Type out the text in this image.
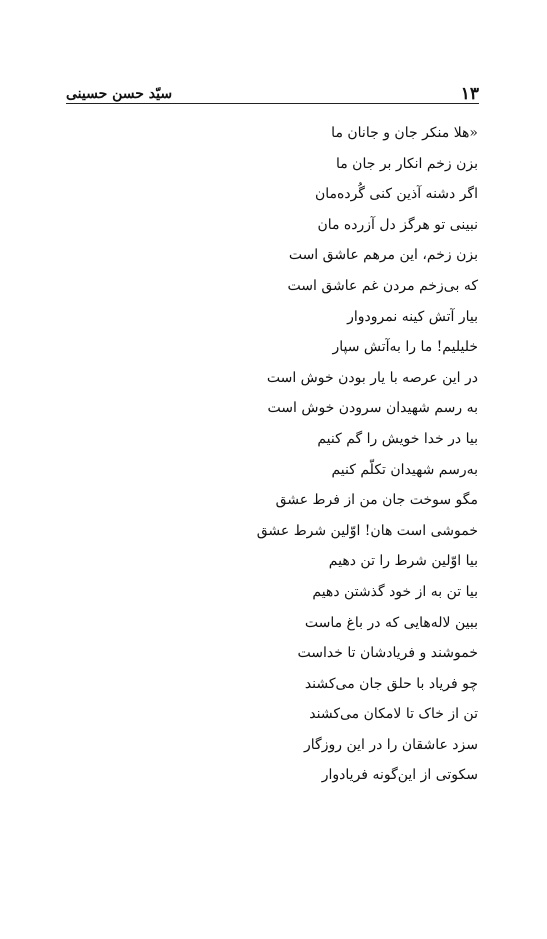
سیّد حسن حسینی	۱۳
«هلا منکر جان و جانان ما
بزن زخم انکار بر جان ما
اگر دشنه آذین کنی گُردەمان
نبینی تو هرگز دل آزرده مان
بزن زخم، این مرهم عاشق است
که بی‌زخم مردن غم عاشق است
بیار آتش کینه نمرودوار
خلیلیم! ما را به‌آتش سپار
در این عرصه با یار بودن خوش است
به رسم شهیدان سرودن خوش است
بیا در خدا خویش را گم کنیم
به‌رسم شهیدان تکلّم کنیم
مگو سوخت جان من از فرط عشق
خموشی است هان! اوّلین شرط عشق
بیا اوّلین شرط را تن دهیم
بیا تن به از خود گذشتن دهیم
ببین لاله‌هایی که در باغ ماست
خموشند و فریادشان تا خداست
چو فریاد با حلق جان می‌کشند
تن از خاک تا لامکان می‌کشند
سزد عاشقان را در این روزگار
سکوتی از این‌گونه فریادوار
